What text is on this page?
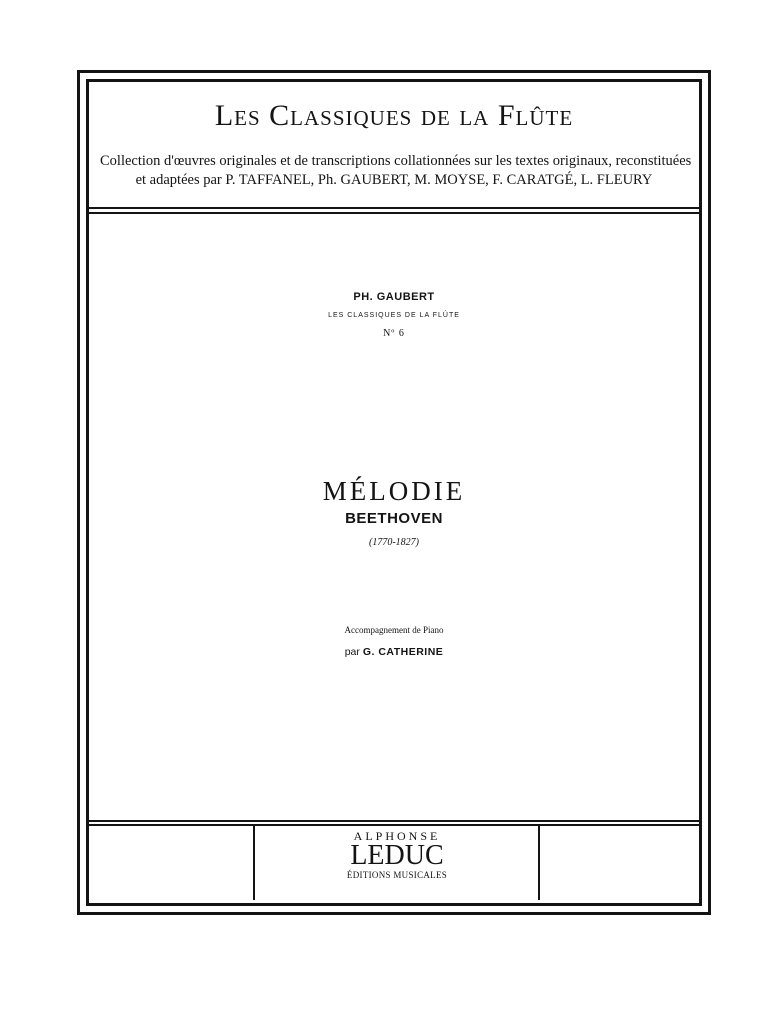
Les Classiques de la Flûte
Collection d'œuvres originales et de transcriptions collationnées sur les textes originaux, reconstituées
et adaptées par P. TAFFANEL, Ph. GAUBERT, M. MOYSE, F. CARATGÉ, L. FLEURY
PH. GAUBERT
LES CLASSIQUES DE LA FLÛTE
Nº 6
MÉLODIE
BEETHOVEN
(1770-1827)
Accompagnement de Piano
par G. CATHERINE
ALPHONSE
LEDUC
ÉDITIONS MUSICALES
